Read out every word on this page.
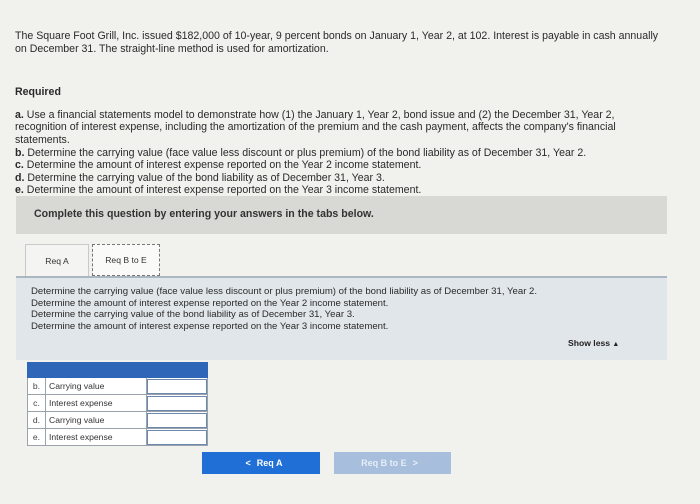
The Square Foot Grill, Inc. issued $182,000 of 10-year, 9 percent bonds on January 1, Year 2, at 102. Interest is payable in cash annually

on December 31. The straight-line method is used for amortization.

Required

a. Use a financial statements model to demonstrate how (1) the January 1, Year 2, bond issue and (2) the December 31, Year 2,

recognition of interest expense, including the amortization of the premium and the cash payment, affects the company's financial

statements.

b. Determine the carrying value (face value less discount or plus premium) of the bond liability as of December 31, Year 2.

c. Determine the amount of interest expense reported on the Year 2 income statement.

d. Determine the carrying value of the bond liability as of December 31, Year 3.

e. Determine the amount of interest expense reported on the Year 3 income statement.

Complete this question by entering your answers in the tabs below.
Req A	Req B to E

Determine the carrying value (face value less discount or plus premium) of the bond liability as of December 31, Year 2.

Determine the amount of interest expense reported on the Year 2 income statement.

Determine the carrying value of the bond liability as of December 31, Year 3.

Determine the amount of interest expense reported on the Year 3 income statement.

Show less ▲

b.	Carrying value	
c.	Interest expense	
d.	Carrying value	
e.	Interest expense	
< Req A	Req B to E >
